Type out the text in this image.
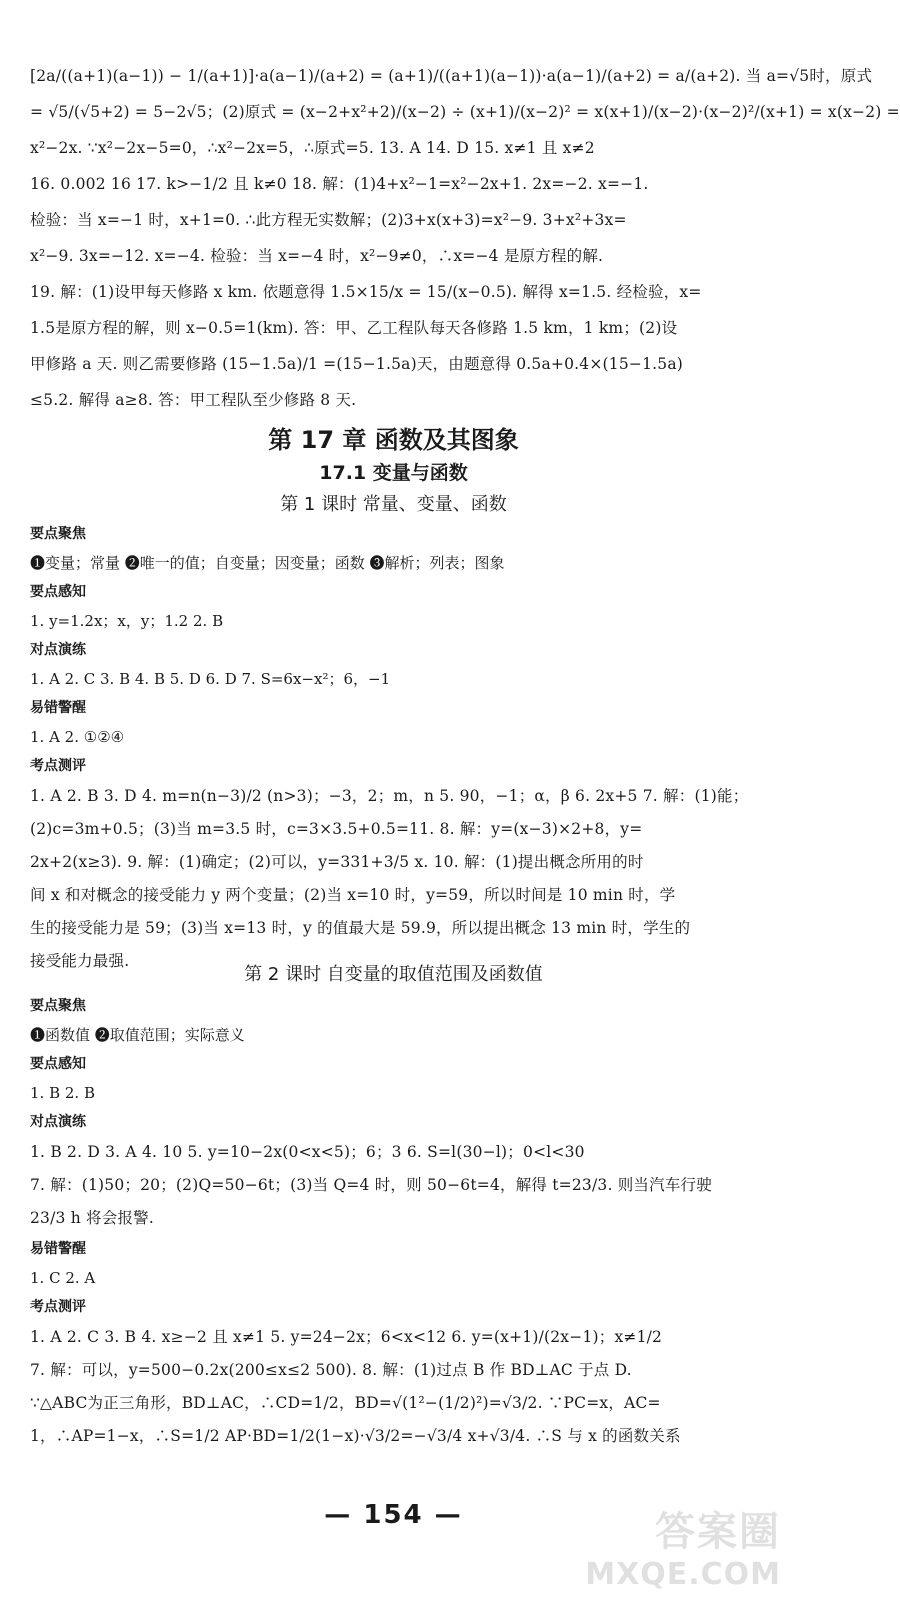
[2a/((a+1)(a−1)) − 1/(a+1)]·a(a−1)/(a+2) = (a+1)/((a+1)(a−1))·a(a−1)/(a+2) = a/(a+2). 当 a=√5时，原式
= √5/(√5+2) = 5−2√5；(2)原式 = (x−2+x²+2)/(x−2) ÷ (x+1)/(x−2)² = x(x+1)/(x−2)·(x−2)²/(x+1) = x(x−2) =
x²−2x. ∵x²−2x−5=0，∴x²−2x=5，∴原式=5. 13. A 14. D 15. x≠1 且 x≠2
16. 0.002 16 17. k>−1/2 且 k≠0 18. 解：(1)4+x²−1=x²−2x+1. 2x=−2. x=−1.
检验：当 x=−1 时，x+1=0. ∴此方程无实数解；(2)3+x(x+3)=x²−9. 3+x²+3x=
x²−9. 3x=−12. x=−4. 检验：当 x=−4 时，x²−9≠0，∴x=−4 是原方程的解.
19. 解：(1)设甲每天修路 x km. 依题意得 1.5×15/x = 15/(x−0.5). 解得 x=1.5. 经检验，x=
1.5是原方程的解，则 x−0.5=1(km). 答：甲、乙工程队每天各修路 1.5 km，1 km；(2)设
甲修路 a 天. 则乙需要修路 (15−1.5a)/1 =(15−1.5a)天，由题意得 0.5a+0.4×(15−1.5a)
≤5.2. 解得 a≥8. 答：甲工程队至少修路 8 天.
第 17 章 函数及其图象
17.1 变量与函数
第 1 课时 常量、变量、函数
要点聚焦
❶变量；常量 ❷唯一的值；自变量；因变量；函数 ❸解析；列表；图象
要点感知
1. y=1.2x；x，y；1.2 2. B
对点演练
1. A 2. C 3. B 4. B 5. D 6. D 7. S=6x−x²；6，−1
易错警醒
1. A 2. ①②④
考点测评
1. A 2. B 3. D 4. m=n(n−3)/2 (n>3)；−3，2；m，n 5. 90，−1；α，β 6. 2x+5 7. 解：(1)能；
(2)c=3m+0.5；(3)当 m=3.5 时，c=3×3.5+0.5=11. 8. 解：y=(x−3)×2+8，y=
2x+2(x≥3). 9. 解：(1)确定；(2)可以，y=331+3/5 x. 10. 解：(1)提出概念所用的时
间 x 和对概念的接受能力 y 两个变量；(2)当 x=10 时，y=59，所以时间是 10 min 时，学
生的接受能力是 59；(3)当 x=13 时，y 的值最大是 59.9，所以提出概念 13 min 时，学生的
接受能力最强.
第 2 课时 自变量的取值范围及函数值
要点聚焦
❶函数值 ❷取值范围；实际意义
要点感知
1. B 2. B
对点演练
1. B 2. D 3. A 4. 10 5. y=10−2x(0<x<5)；6；3 6. S=l(30−l)；0<l<30
7. 解：(1)50；20；(2)Q=50−6t；(3)当 Q=4 时，则 50−6t=4，解得 t=23/3. 则当汽车行驶
23/3 h 将会报警.
易错警醒
1. C 2. A
考点测评
1. A 2. C 3. B 4. x≥−2 且 x≠1 5. y=24−2x；6<x<12 6. y=(x+1)/(2x−1)；x≠1/2
7. 解：可以，y=500−0.2x(200≤x≤2 500). 8. 解：(1)过点 B 作 BD⊥AC 于点 D.
∵△ABC为正三角形，BD⊥AC，∴CD=1/2，BD=√(1²−(1/2)²)=√3/2. ∵PC=x，AC=
1，∴AP=1−x，∴S=1/2 AP·BD=1/2(1−x)·√3/2=−√3/4 x+√3/4. ∴S 与 x 的函数关系
— 154 —	答案圈
MXQE.COM
